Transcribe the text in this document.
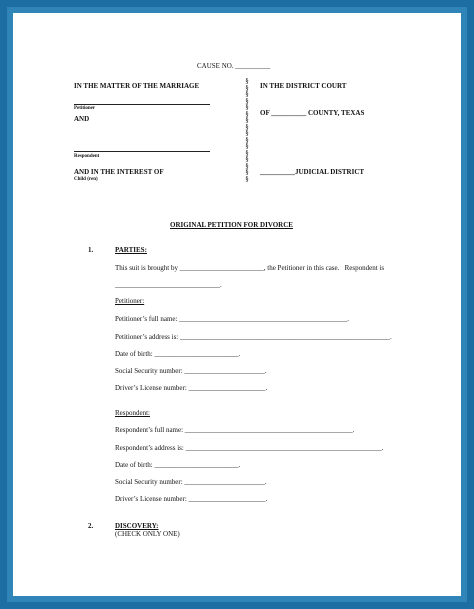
CAUSE NO. __________
IN THE MATTER OF THE MARRIAGE
Petitioner
AND
Respondent
AND IN THE INTEREST OF
Child (ren)
§
§
§
§
§
§
§
§
§
§
§
§
§
§
§
§
IN THE DISTRICT COURT
OF __________ COUNTY, TEXAS
__________JUDICIAL DISTRICT
ORIGINAL PETITION FOR DIVORCE
1.	PARTIES:
This suit is brought by ________________________, the Petitioner in this case.   Respondent is
______________________________.
Petitioner:
Petitioner’s full name: ________________________________________________.
Petitioner’s address is: ____________________________________________________________.
Date of birth: ________________________.
Social Security number: _______________________.
Driver’s License number: ______________________.
Respondent:
Respondent’s full name: ________________________________________________.
Respondent’s address is: ________________________________________________________.
Date of birth: ________________________.
Social Security number: _______________________.
Driver’s License number: ______________________.
2.	DISCOVERY:
(CHECK ONLY ONE)
